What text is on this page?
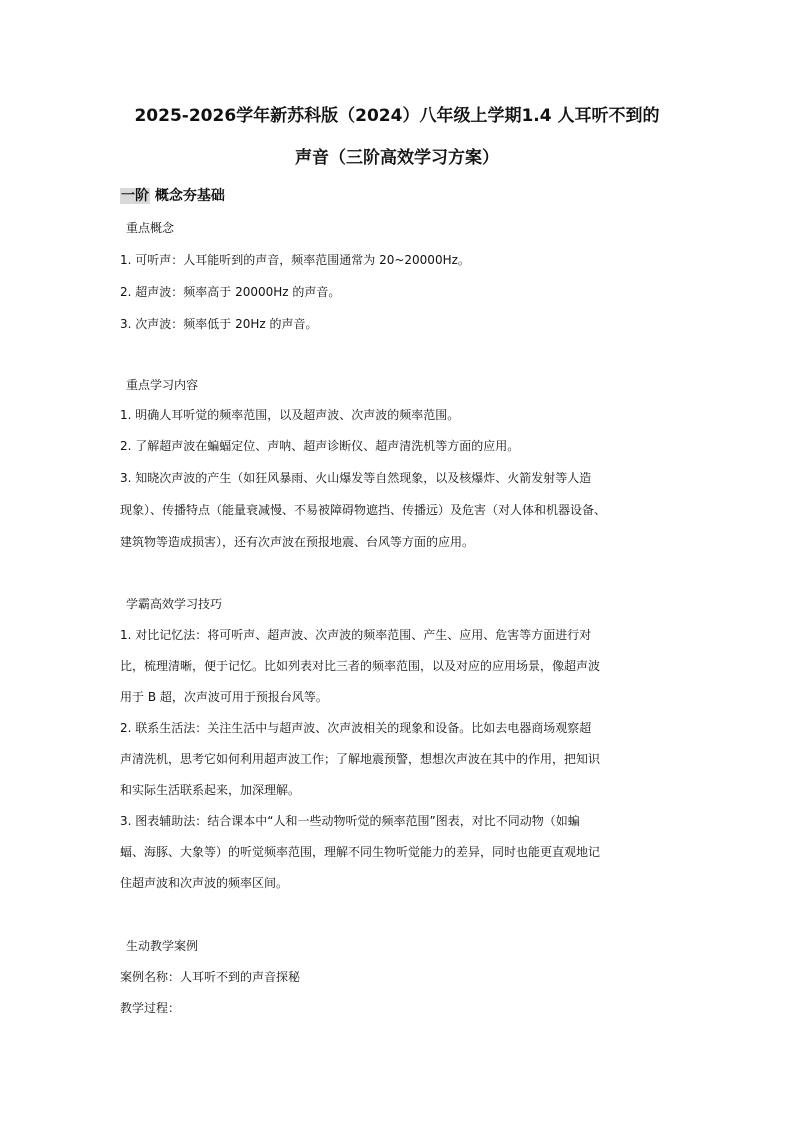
2025-2026学年新苏科版（2024）八年级上学期1.4 人耳听不到的
声音（三阶高效学习方案）
一阶 概念夯基础
重点概念
1. 可听声：人耳能听到的声音，频率范围通常为 20~20000Hz。
2. 超声波：频率高于 20000Hz 的声音。
3. 次声波：频率低于 20Hz 的声音。
重点学习内容
1. 明确人耳听觉的频率范围，以及超声波、次声波的频率范围。
2. 了解超声波在蝙蝠定位、声呐、超声诊断仪、超声清洗机等方面的应用。
3. 知晓次声波的产生（如狂风暴雨、火山爆发等自然现象，以及核爆炸、火箭发射等人造
现象）、传播特点（能量衰减慢、不易被障碍物遮挡、传播远）及危害（对人体和机器设备、
建筑物等造成损害），还有次声波在预报地震、台风等方面的应用。
学霸高效学习技巧
1. 对比记忆法：将可听声、超声波、次声波的频率范围、产生、应用、危害等方面进行对
比，梳理清晰，便于记忆。比如列表对比三者的频率范围，以及对应的应用场景，像超声波
用于 B 超，次声波可用于预报台风等。
2. 联系生活法：关注生活中与超声波、次声波相关的现象和设备。比如去电器商场观察超
声清洗机，思考它如何利用超声波工作；了解地震预警，想想次声波在其中的作用，把知识
和实际生活联系起来，加深理解。
3. 图表辅助法：结合课本中“人和一些动物听觉的频率范围”图表，对比不同动物（如蝙
蝠、海豚、大象等）的听觉频率范围，理解不同生物听觉能力的差异，同时也能更直观地记
住超声波和次声波的频率区间。
生动教学案例
案例名称：人耳听不到的声音探秘
教学过程：
